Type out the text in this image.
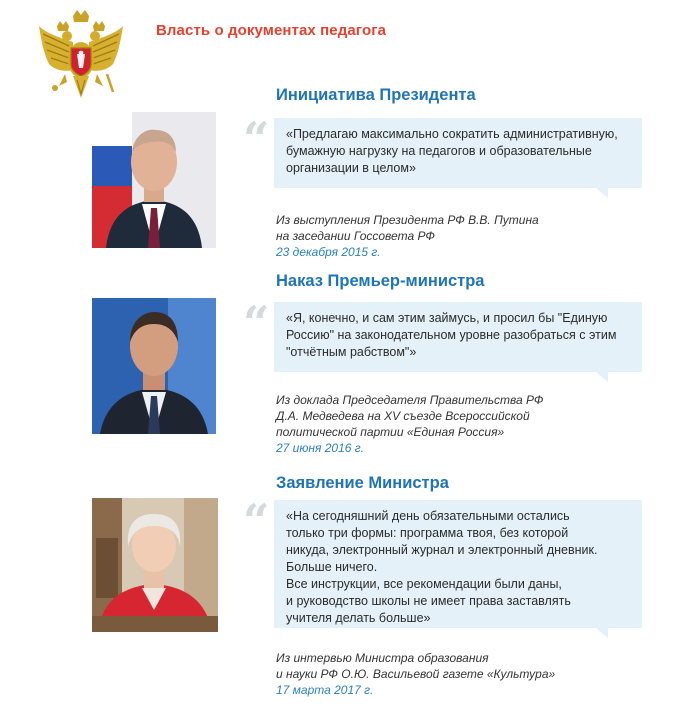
Власть о документах педагога
Инициатива Президента
“ «Предлагаю максимально сократить административную,
бумажную нагрузку на педагогов и образовательные
организации в целом»

Из выступления Президента РФ В.В. Путина
на заседании Госсовета РФ

23 декабря 2015 г.

Наказ Премьер-министра
“ «Я, конечно, и сам этим займусь, и просил бы "Единую
Россию" на законодательном уровне разобраться с этим
"отчётным рабством"»

Из доклада Председателя Правительства РФ
Д.А. Медведева на XV съезде Всероссийской
политической партии «Единая Россия»

27 июня 2016 г.

Заявление Министра
“ «На сегодняшний день обязательными остались
только три формы: программа твоя, без которой
никуда, электронный журнал и электронный дневник.
Больше ничего.
Все инструкции, все рекомендации были даны,
и руководство школы не имеет права заставлять
учителя делать больше»

Из интервью Министра образования
и науки РФ О.Ю. Васильевой газете «Культура»

17 марта 2017 г.
